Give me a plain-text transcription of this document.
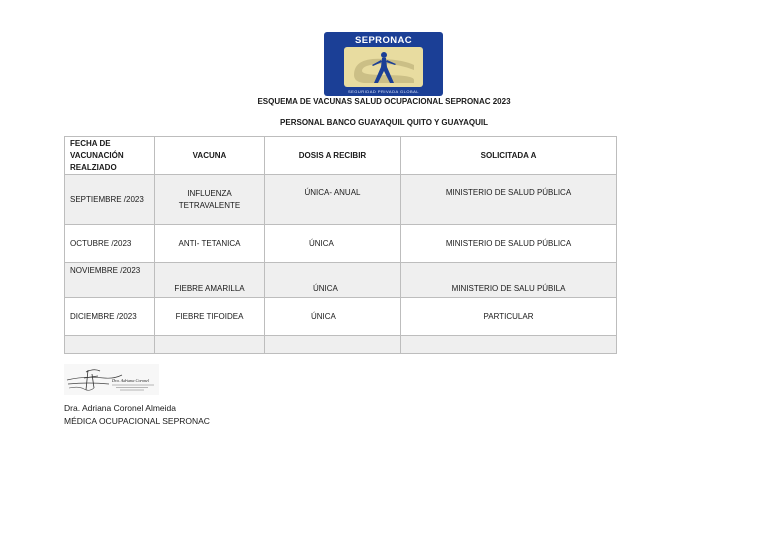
SEPRONAC
SEGURIDAD PRIVADA GLOBAL

ESQUEMA DE VACUNAS SALUD OCUPACIONAL SEPRONAC 2023

PERSONAL BANCO GUAYAQUIL QUITO Y GUAYAQUIL

FECHA DE VACUNACIÓN REALZIADO	VACUNA	DOSIS A RECIBIR	SOLICITADA A
SEPTIEMBRE /2023	INFLUENZA TETRAVALENTE	ÚNICA- ANUAL	MINISTERIO DE SALUD PÚBLICA
OCTUBRE /2023	ANTI- TETANICA	ÚNICA	MINISTERIO DE SALUD PÚBLICA
NOVIEMBRE /2023	FIEBRE AMARILLA	ÚNICA	MINISTERIO DE SALU PÚBILA
DICIEMBRE /2023	FIEBRE TIFOIDEA	ÚNICA	PARTICULAR

Dra. Adriana Coronel

Dra. Adriana Coronel Almeida

MÉDICA OCUPACIONAL SEPRONAC
